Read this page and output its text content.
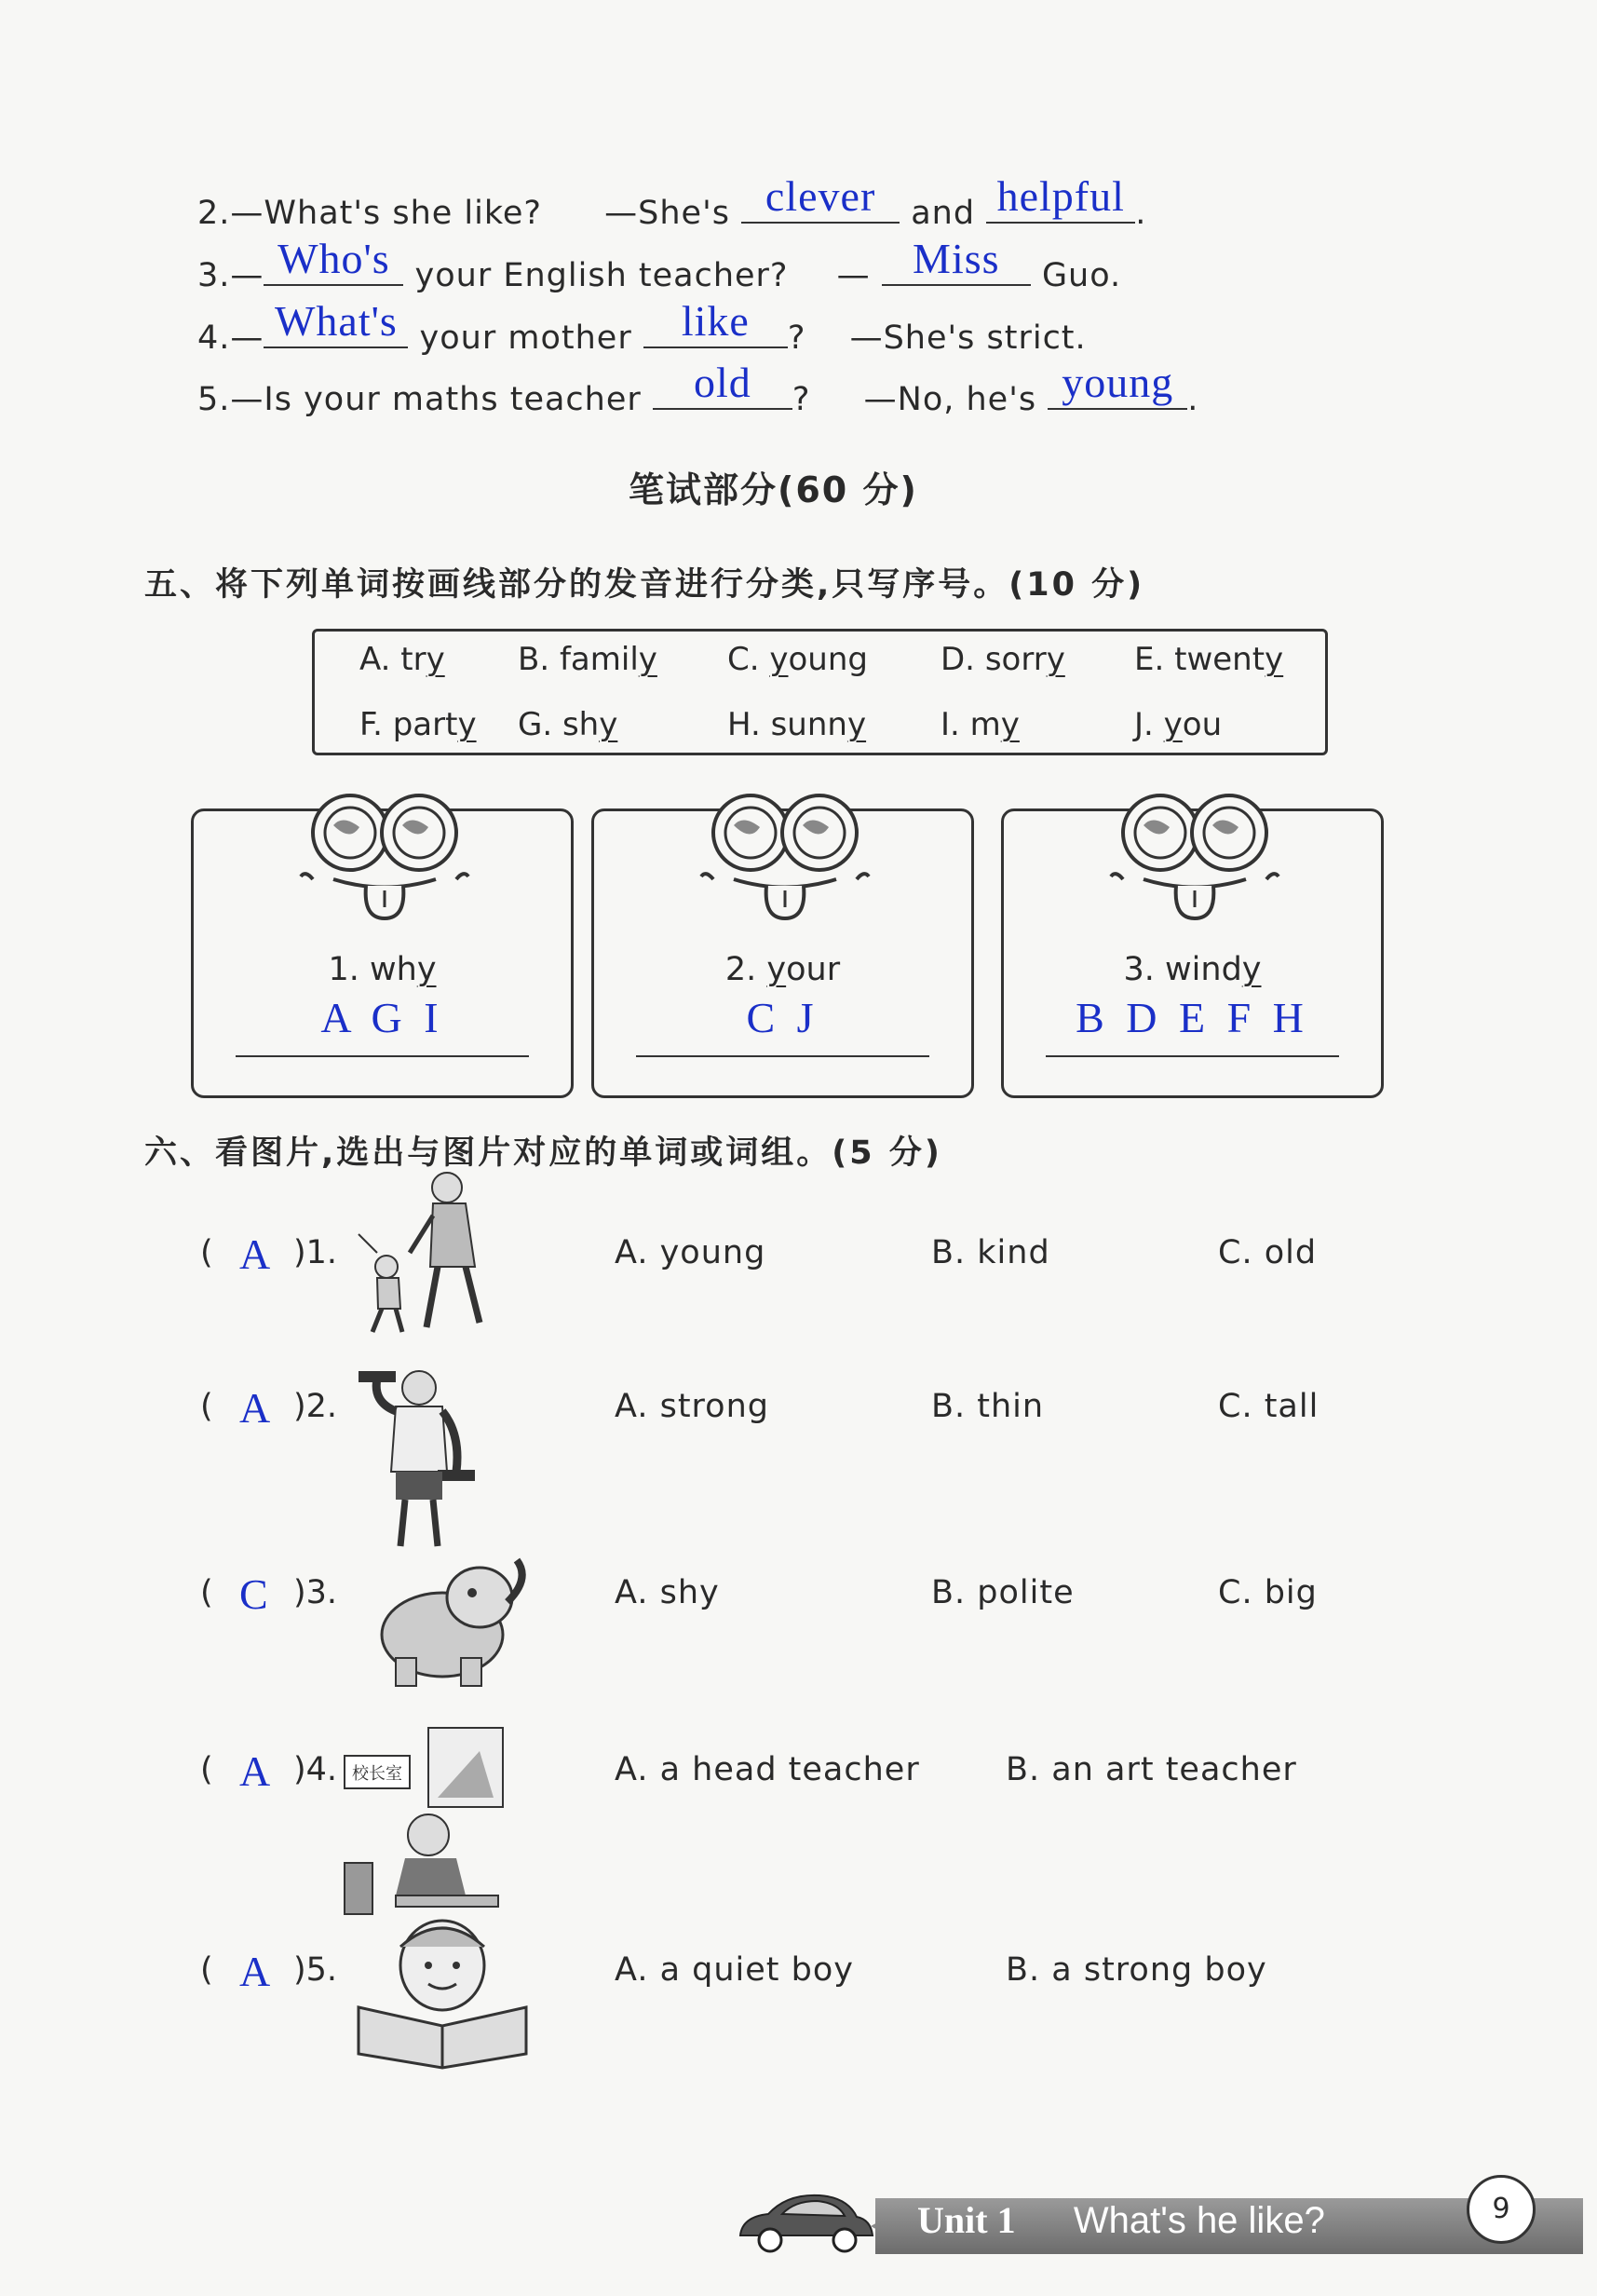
2.—What's she like? —She's clever	and helpful .
3.— Who's your English teacher? — Miss	Guo.
4.— What's your mother	like	? —She's strict.
5.—Is your maths teacher	old	? —No, he's young .
笔试部分(60 分)
五、将下列单词按画线部分的发音进行分类,只写序号。(10 分)
A. try B. family C. young D. sorry E. twenty
F. party G. shy	H. sunny I. my	J. you
1. why
A G I
2. your
C J
3. windy
B D E F H
六、看图片,选出与图片对应的单词或词组。(5 分)
( A )1.	A. young	B. kind	C. old
( A )2.	A. strong	B. thin	C. tall
( C )3.	A. shy	B. polite	C. big
( A )4. 校长室	A. a head teacher	B. an art teacher
( A )5.	A. a quiet boy	B. a strong boy
Unit 1 What's he like?	9
